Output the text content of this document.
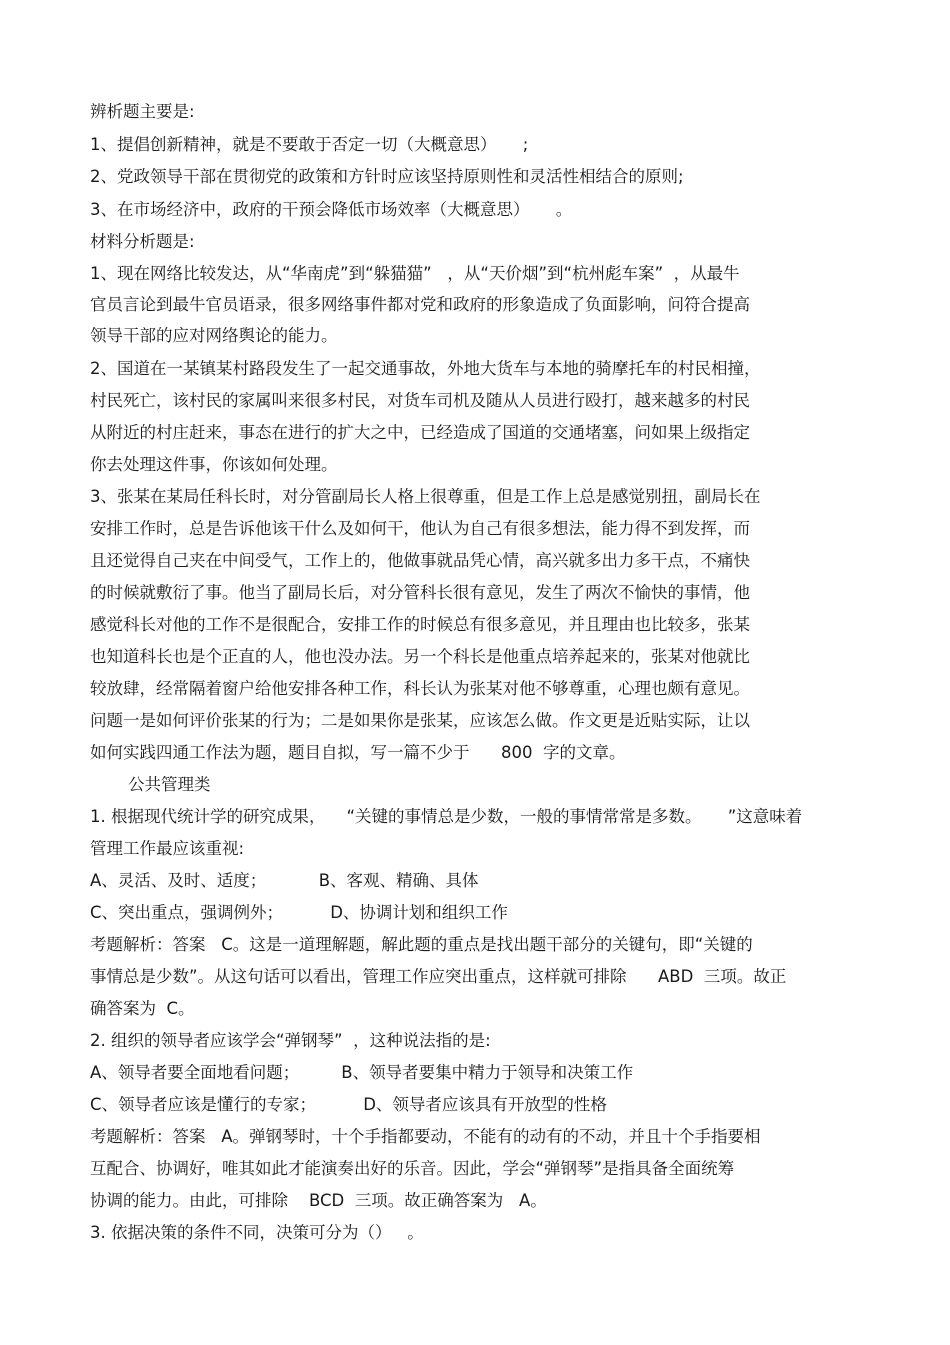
辨析题主要是:
1、提倡创新精神，就是不要敢于否定一切（大概意思）     ;
2、党政领导干部在贯彻党的政策和方针时应该坚持原则性和灵活性相结合的原则;
3、在市场经济中，政府的干预会降低市场效率（大概意思）     。
材料分析题是:
1、现在网络比较发达，从“华南虎”到“躲猫猫”   ，从“天价烟”到“杭州彪车案”  ，从最牛
官员言论到最牛官员语录，很多网络事件都对党和政府的形象造成了负面影响，问符合提高
领导干部的应对网络舆论的能力。
2、国道在一某镇某村路段发生了一起交通事故，外地大货车与本地的骑摩托车的村民相撞，
村民死亡，该村民的家属叫来很多村民，对货车司机及随从人员进行殴打，越来越多的村民
从附近的村庄赶来，事态在进行的扩大之中，已经造成了国道的交通堵塞，问如果上级指定
你去处理这件事，你该如何处理。
3、张某在某局任科长时，对分管副局长人格上很尊重，但是工作上总是感觉别扭，副局长在
安排工作时，总是告诉他该干什么及如何干，他认为自己有很多想法，能力得不到发挥，而
且还觉得自己夹在中间受气，工作上的，他做事就品凭心情，高兴就多出力多干点，不痛快
的时候就敷衍了事。他当了副局长后，对分管科长很有意见，发生了两次不愉快的事情，他
感觉科长对他的工作不是很配合，安排工作的时候总有很多意见，并且理由也比较多，张某
也知道科长也是个正直的人，他也没办法。另一个科长是他重点培养起来的，张某对他就比
较放肆，经常隔着窗户给他安排各种工作，科长认为张某对他不够尊重，心理也颇有意见。
问题一是如何评价张某的行为；二是如果你是张某，应该怎么做。作文更是近贴实际，让以
如何实践四通工作法为题，题目自拟，写一篇不少于      800  字的文章。
公共管理类
1. 根据现代统计学的研究成果，    “关键的事情总是少数，一般的事情常常是多数。     ”这意味着
管理工作最应该重视:
A、灵活、及时、适度；          B、客观、精确、具体
C、突出重点，强调例外；         D、协调计划和组织工作
考题解析：答案   C。这是一道理解题，解此题的重点是找出题干部分的关键句，即“关键的
事情总是少数”。从这句话可以看出，管理工作应突出重点，这样就可排除      ABD  三项。故正
确答案为  C。
2. 组织的领导者应该学会“弹钢琴”  ，这种说法指的是:
A、领导者要全面地看问题；        B、领导者要集中精力于领导和决策工作
C、领导者应该是懂行的专家；         D、领导者应该具有开放型的性格
考题解析：答案   A。弹钢琴时，十个手指都要动，不能有的动有的不动，并且十个手指要相
互配合、协调好，唯其如此才能演奏出好的乐音。因此，学会“弹钢琴”是指具备全面统筹
协调的能力。由此，可排除    BCD  三项。故正确答案为   A。
3. 依据决策的条件不同，决策可分为（）   。
